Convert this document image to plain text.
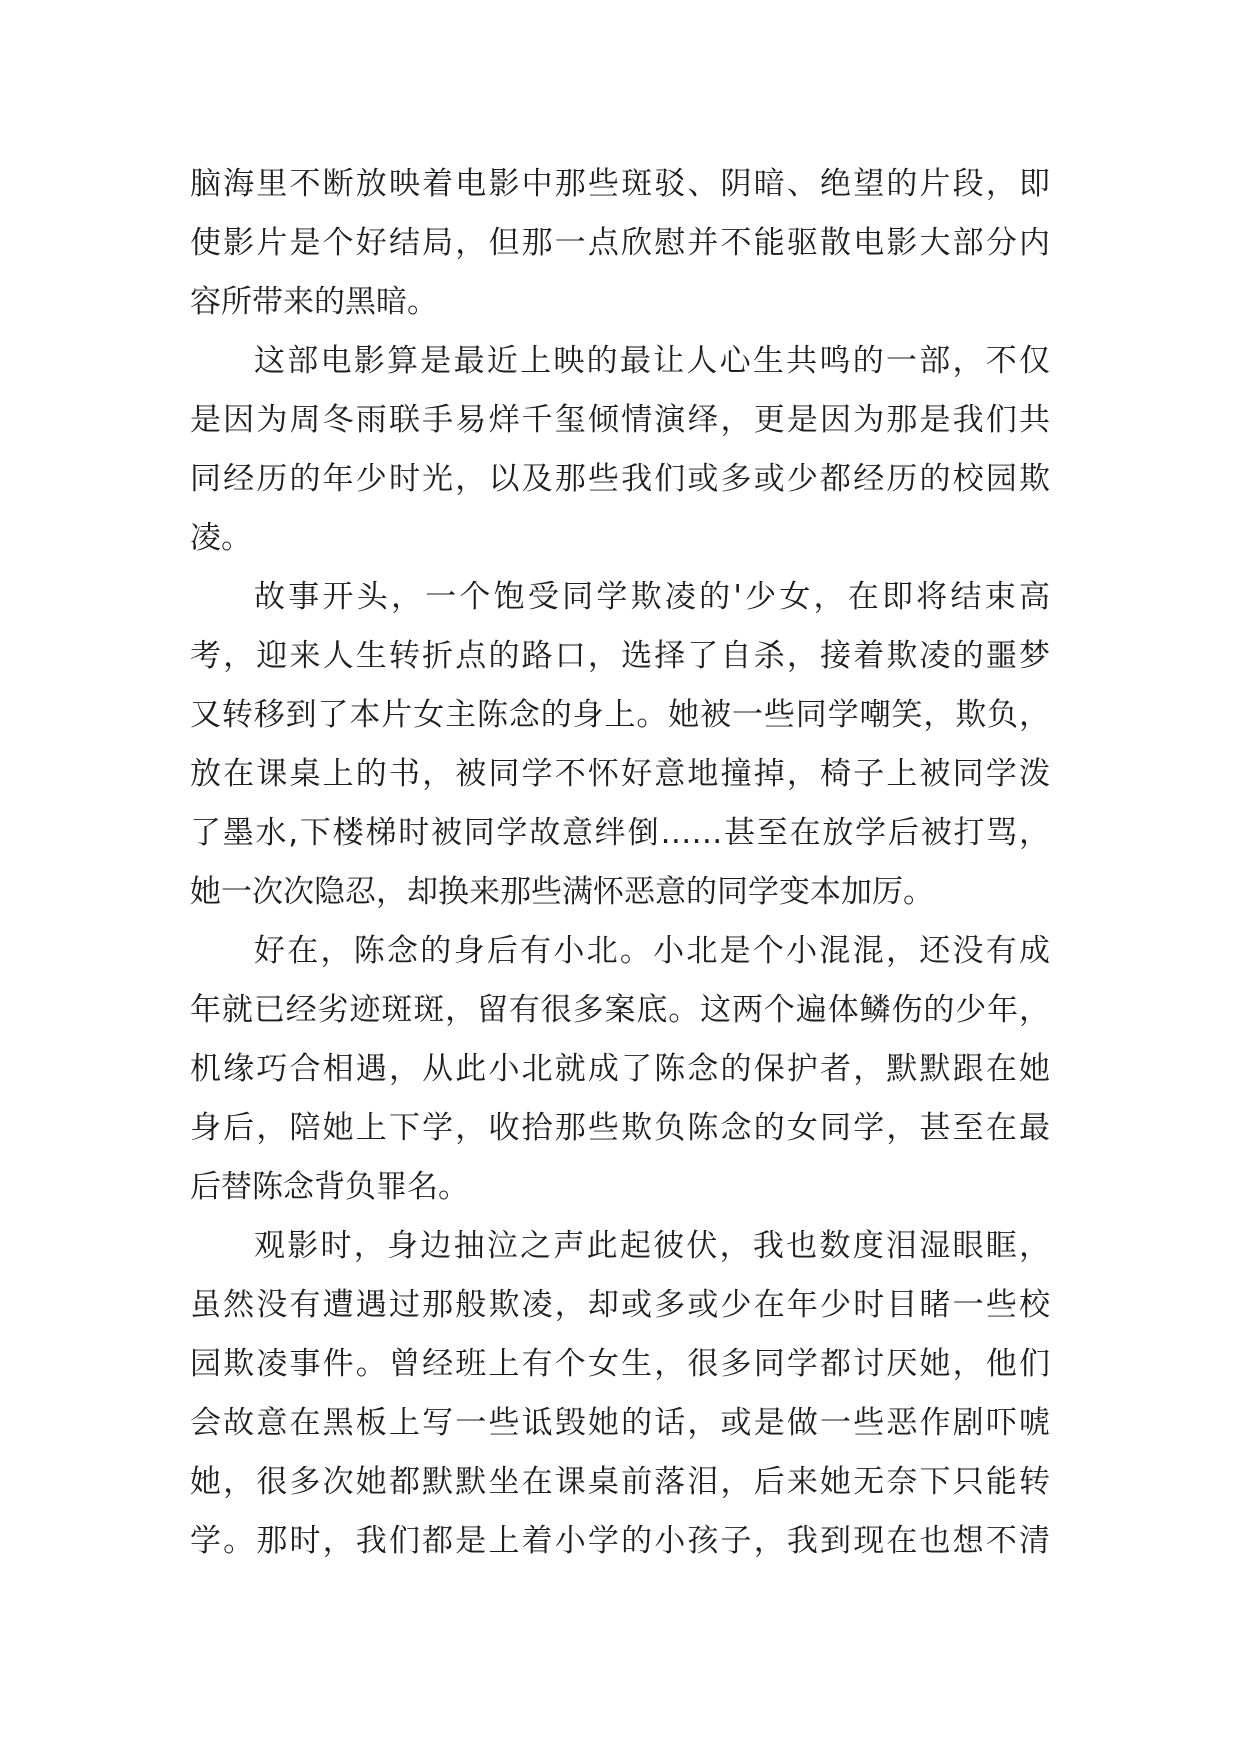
脑海里不断放映着电影中那些斑驳、阴暗、绝望的片段，即
使影片是个好结局，但那一点欣慰并不能驱散电影大部分内
容所带来的黑暗。
这部电影算是最近上映的最让人心生共鸣的一部，不仅
是因为周冬雨联手易烊千玺倾情演绎，更是因为那是我们共
同经历的年少时光，以及那些我们或多或少都经历的校园欺
凌。
故事开头，一个饱受同学欺凌的'少女，在即将结束高
考，迎来人生转折点的路口，选择了自杀，接着欺凌的噩梦
又转移到了本片女主陈念的身上。她被一些同学嘲笑，欺负，
放在课桌上的书，被同学不怀好意地撞掉，椅子上被同学泼
了墨水,下楼梯时被同学故意绊倒……甚至在放学后被打骂，
她一次次隐忍，却换来那些满怀恶意的同学变本加厉。
好在，陈念的身后有小北。小北是个小混混，还没有成
年就已经劣迹斑斑，留有很多案底。这两个遍体鳞伤的少年，
机缘巧合相遇，从此小北就成了陈念的保护者，默默跟在她
身后，陪她上下学，收拾那些欺负陈念的女同学，甚至在最
后替陈念背负罪名。
观影时，身边抽泣之声此起彼伏，我也数度泪湿眼眶，
虽然没有遭遇过那般欺凌，却或多或少在年少时目睹一些校
园欺凌事件。曾经班上有个女生，很多同学都讨厌她，他们
会故意在黑板上写一些诋毁她的话，或是做一些恶作剧吓唬
她，很多次她都默默坐在课桌前落泪，后来她无奈下只能转
学。那时，我们都是上着小学的小孩子，我到现在也想不清
